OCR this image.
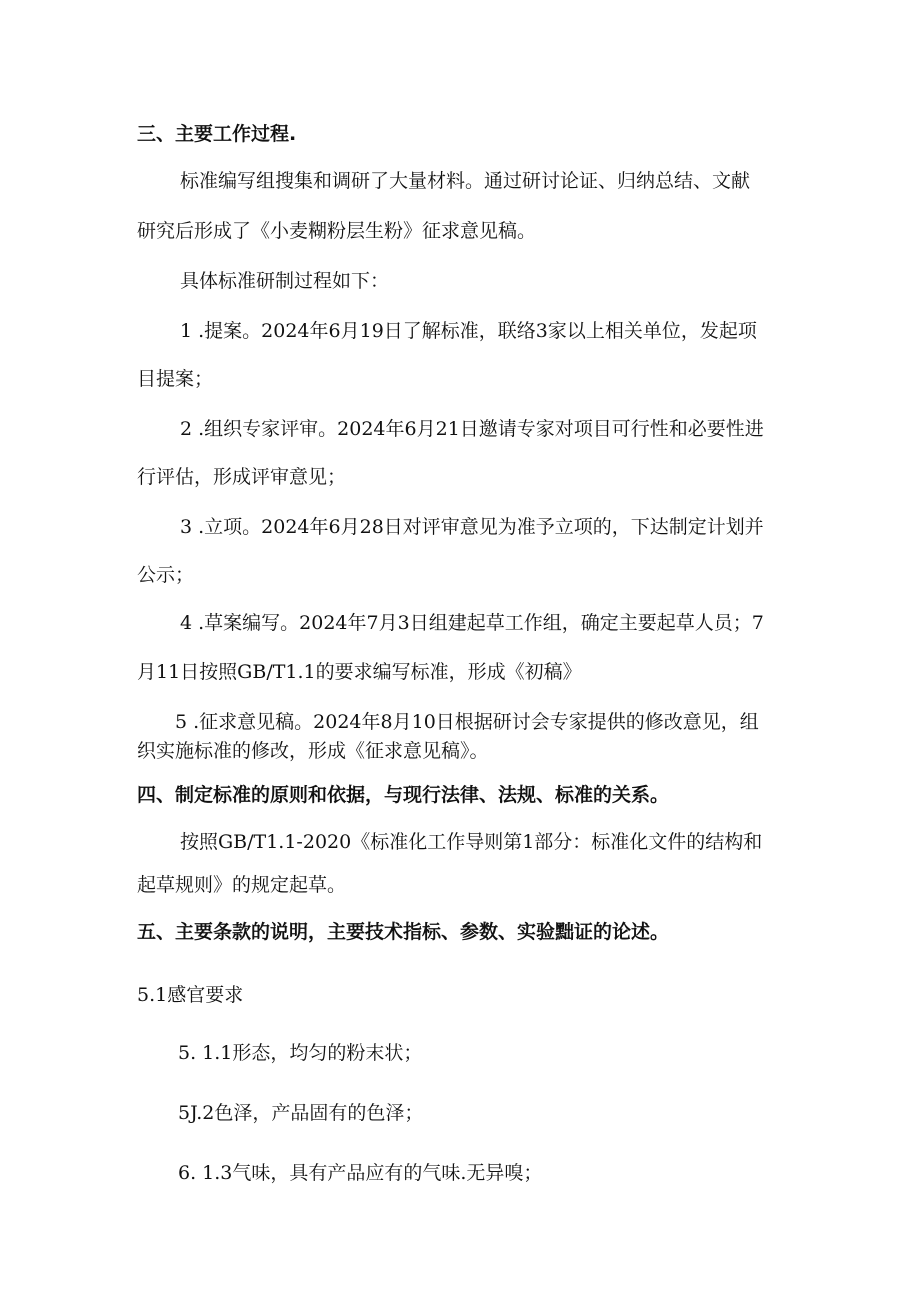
三、主要工作过程.

标准编写组搜集和调研了大量材料。通过研讨论证、归纳总结、文献

研究后形成了《小麦糊粉层生粉》征求意见稿。

具体标准研制过程如下：

1 .提案。2024年6月19日了解标准，联络3家以上相关单位，发起项

目提案；

2 .组织专家评审。2024年6月21日邀请专家对项目可行性和必要性进

行评估，形成评审意见；

3 .立项。2024年6月28日对评审意见为准予立项的，下达制定计划并

公示；

4 .草案编写。2024年7月3日组建起草工作组，确定主要起草人员；7

月11日按照GB/T1.1的要求编写标准，形成《初稿》

5 .征求意见稿。2024年8月10日根据研讨会专家提供的修改意见，组

织实施标准的修改，形成《征求意见稿》。

四、制定标准的原则和依据，与现行法律、法规、标准的关系。

按照GB/T1.1-2020《标准化工作导则第1部分：标准化文件的结构和

起草规则》的规定起草。

五、主要条款的说明，主要技术指标、参数、实验黜证的论述。

5.1感官要求

5. 1.1形态，均匀的粉末状；

5J.2色泽，产品固有的色泽；

6. 1.3气味，具有产品应有的气味.无异嗅；
